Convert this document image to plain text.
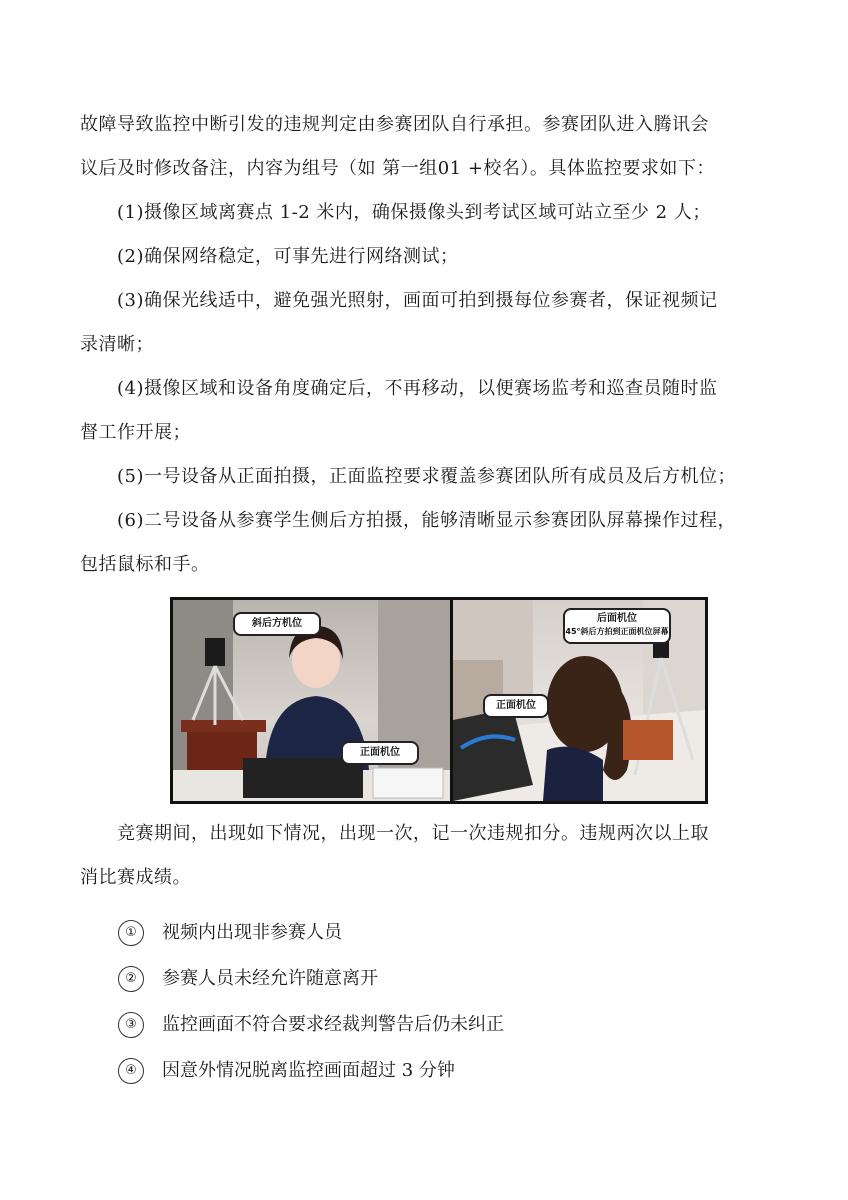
故障导致监控中断引发的违规判定由参赛团队自行承担。参赛团队进入腾讯会

议后及时修改备注，内容为组号（如 第一组01 +校名）。具体监控要求如下：

(1)摄像区域离赛点 1-2 米内，确保摄像头到考试区域可站立至少 2 人；

(2)确保网络稳定，可事先进行网络测试；

(3)确保光线适中，避免强光照射，画面可拍到摄每位参赛者，保证视频记

录清晰；

(4)摄像区域和设备角度确定后，不再移动，以便赛场监考和巡查员随时监

督工作开展；

(5)一号设备从正面拍摄，正面监控要求覆盖参赛团队所有成员及后方机位；

(6)二号设备从参赛学生侧后方拍摄，能够清晰显示参赛团队屏幕操作过程，

包括鼠标和手。

斜后方机位
正面机位
后面机位
45°斜后方拍到正面机位屏幕
正面机位

竞赛期间，出现如下情况，出现一次，记一次违规扣分。违规两次以上取

消比赛成绩。

①	视频内出现非参赛人员
②	参赛人员未经允许随意离开
③	监控画面不符合要求经裁判警告后仍未纠正
④	因意外情况脱离监控画面超过 3 分钟
